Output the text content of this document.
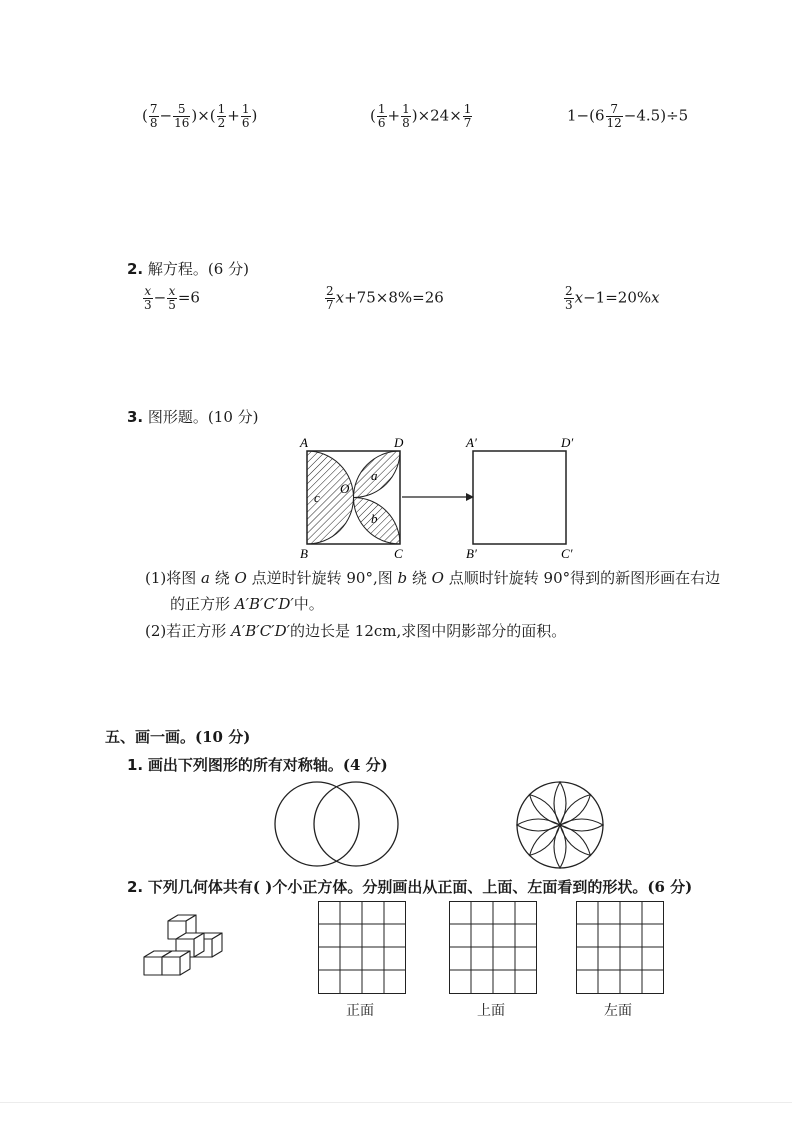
( $\frac{7}{8} - \frac{5}{16}$ )×( $\frac{1}{2} + \frac{1}{6}$ )	( $\frac{1}{6} + \frac{1}{8} )\times 24\times \frac{1}{7}$	$1-(6 \frac{7}{12} -4.5)\div 5$
2. 解方程。(6 分)
$\frac{x}{3} - \frac{x}{5} =6$	$\frac{2}{7} x+75\times 8\%=26$	$\frac{2}{3} x-1=20\%x$
3. 图形题。(10 分)
A	D
B	C
O
a
b
c
A′	D′
B′	C′
(1)将图 a 绕 O 点逆时针旋转 90°,图 b 绕 O 点顺时针旋转 90°得到的新图形画在右边
的正方形 A′B′C′D′中。
(2)若正方形 A′B′C′D′的边长是 12cm,求图中阴影部分的面积。
五、画一画。(10 分)
1. 画出下列图形的所有对称轴。(4 分)
2. 下列几何体共有( )个小正方体。分别画出从正面、上面、左面看到的形状。(6 分)
正面	上面	左面
